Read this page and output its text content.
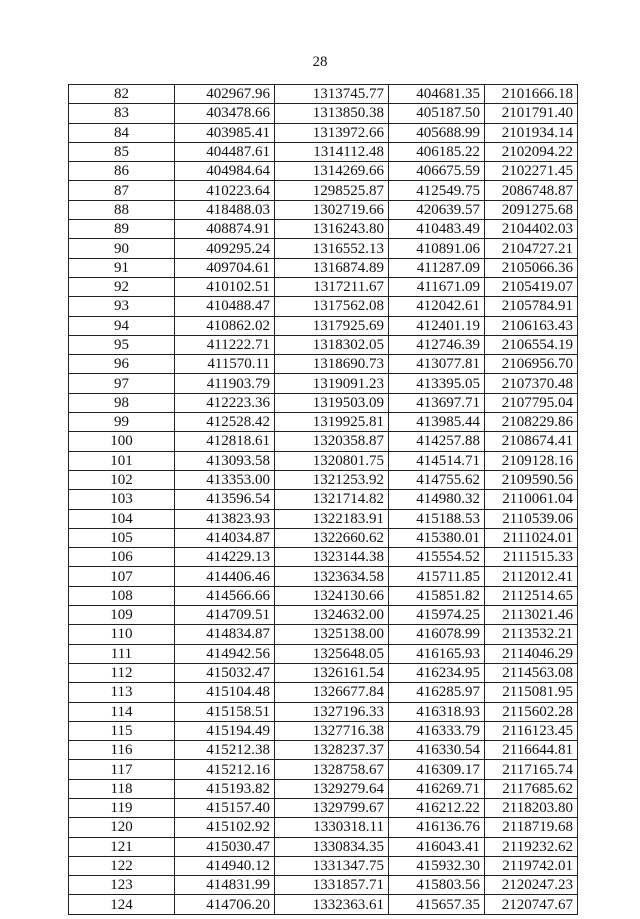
28
82	402967.96	1313745.77	404681.35	2101666.18
83	403478.66	1313850.38	405187.50	2101791.40
84	403985.41	1313972.66	405688.99	2101934.14
85	404487.61	1314112.48	406185.22	2102094.22
86	404984.64	1314269.66	406675.59	2102271.45
87	410223.64	1298525.87	412549.75	2086748.87
88	418488.03	1302719.66	420639.57	2091275.68
89	408874.91	1316243.80	410483.49	2104402.03
90	409295.24	1316552.13	410891.06	2104727.21
91	409704.61	1316874.89	411287.09	2105066.36
92	410102.51	1317211.67	411671.09	2105419.07
93	410488.47	1317562.08	412042.61	2105784.91
94	410862.02	1317925.69	412401.19	2106163.43
95	411222.71	1318302.05	412746.39	2106554.19
96	411570.11	1318690.73	413077.81	2106956.70
97	411903.79	1319091.23	413395.05	2107370.48
98	412223.36	1319503.09	413697.71	2107795.04
99	412528.42	1319925.81	413985.44	2108229.86
100	412818.61	1320358.87	414257.88	2108674.41
101	413093.58	1320801.75	414514.71	2109128.16
102	413353.00	1321253.92	414755.62	2109590.56
103	413596.54	1321714.82	414980.32	2110061.04
104	413823.93	1322183.91	415188.53	2110539.06
105	414034.87	1322660.62	415380.01	2111024.01
106	414229.13	1323144.38	415554.52	2111515.33
107	414406.46	1323634.58	415711.85	2112012.41
108	414566.66	1324130.66	415851.82	2112514.65
109	414709.51	1324632.00	415974.25	2113021.46
110	414834.87	1325138.00	416078.99	2113532.21
111	414942.56	1325648.05	416165.93	2114046.29
112	415032.47	1326161.54	416234.95	2114563.08
113	415104.48	1326677.84	416285.97	2115081.95
114	415158.51	1327196.33	416318.93	2115602.28
115	415194.49	1327716.38	416333.79	2116123.45
116	415212.38	1328237.37	416330.54	2116644.81
117	415212.16	1328758.67	416309.17	2117165.74
118	415193.82	1329279.64	416269.71	2117685.62
119	415157.40	1329799.67	416212.22	2118203.80
120	415102.92	1330318.11	416136.76	2118719.68
121	415030.47	1330834.35	416043.41	2119232.62
122	414940.12	1331347.75	415932.30	2119742.01
123	414831.99	1331857.71	415803.56	2120247.23
124	414706.20	1332363.61	415657.35	2120747.67
